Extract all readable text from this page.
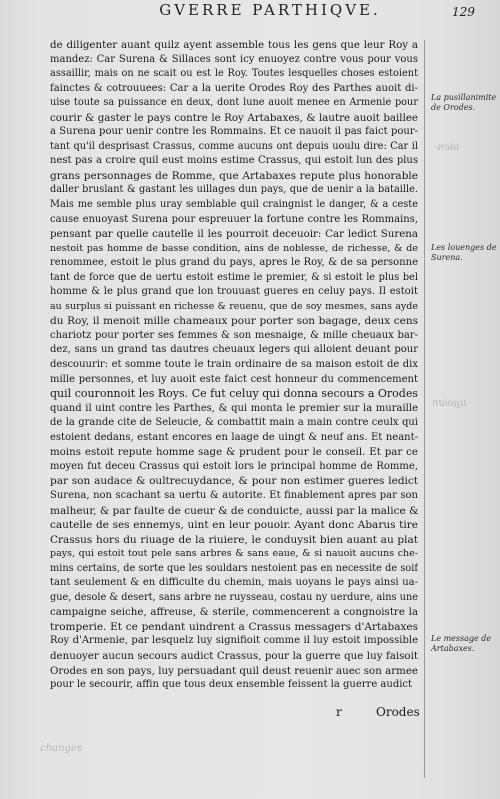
GVERRE PARTHIQVE.	129
de diligenter auant quilz ayent assemble tous les gens que leur Roy a
mandez: Car Surena & Sillaces sont icy enuoyez contre vous pour vous
assaillir, mais on ne scait ou est le Roy. Toutes lesquelles choses estoient
fainctes & cotrouuees: Car a la uerite Orodes Roy des Parthes auoit di-
uise toute sa puissance en deux, dont lune auoit menee en Armenie pour
courir & gaster le pays contre le Roy Artabaxes, & lautre auoit baillee
a Surena pour uenir contre les Rommains. Et ce nauoit il pas faict pour-
tant qu'il desprisast Crassus, comme aucuns ont depuis uoulu dire: Car il
nest pas a croire quil eust moins estime Crassus, qui estoit lun des plus
grans personnages de Romme, que Artabaxes repute plus honorable
daller bruslant & gastant les uillages dun pays, que de uenir a la bataille.
Mais me semble plus uray semblable quil craingnist le danger, & a ceste
cause enuoyast Surena pour espreuuer la fortune contre les Rommains,
pensant par quelle cautelle il les pourroit deceuoir: Car ledict Surena
nestoit pas homme de basse condition, ains de noblesse, de richesse, & de
renommee, estoit le plus grand du pays, apres le Roy, & de sa personne
tant de force que de uertu estoit estime le premier, & si estoit le plus bel
homme & le plus grand que lon trouuast gueres en celuy pays. Il estoit
au surplus si puissant en richesse & reuenu, que de soy mesmes, sans ayde
du Roy, il menoit mille chameaux pour porter son bagage, deux cens
chariotz pour porter ses femmes & son mesnaige, & mille cheuaux bar-
dez, sans un grand tas dautres cheuaux legers qui alloient deuant pour
descouurir: et somme toute le train ordinaire de sa maison estoit de dix
mille personnes, et luy auoit este faict cest honneur du commencement
quil couronnoit les Roys. Ce fut celuy qui donna secours a Orodes
quand il uint contre les Parthes, & qui monta le premier sur la muraille
de la grande cite de Seleucie, & combattit main a main contre ceulx qui
estoient dedans, estant encores en laage de uingt & neuf ans. Et neant-
moins estoit repute homme sage & prudent pour le conseil. Et par ce
moyen fut deceu Crassus qui estoit lors le principal homme de Romme,
par son audace & oultrecuydance, & pour non estimer gueres ledict
Surena, non scachant sa uertu & autorite. Et finablement apres par son
malheur, & par faulte de cueur & de conduicte, aussi par la malice &
cautelle de ses ennemys, uint en leur pouoir. Ayant donc Abarus tire
Crassus hors du riuage de la riuiere, le conduysit bien auant au plat
pays, qui estoit tout pele sans arbres & sans eaue, & si nauoit aucuns che-
mins certains, de sorte que les souldars nestoient pas en necessite de soif
tant seulement & en difficulte du chemin, mais uoyans le pays ainsi ua-
gue, desole & desert, sans arbre ne ruysseau, costau ny uerdure, ains une
campaigne seiche, affreuse, & sterile, commencerent a congnoistre la
tromperie. Et ce pendant uindrent a Crassus messagers d'Artabaxes
Roy d'Armenie, par lesquelz luy signifioit comme il luy estoit impossible
denuoyer aucun secours audict Crassus, pour la guerre que luy faisoit
Orodes en son pays, luy persuadant quil deust reuenir auec son armee
pour le secourir, affin que tous deux ensemble feissent la guerre audict
r	Orodes
La pusillanimite de Orodes.
Les louenges de Surena.
Le message de Artabaxes.
uien-
ugoian
changes
